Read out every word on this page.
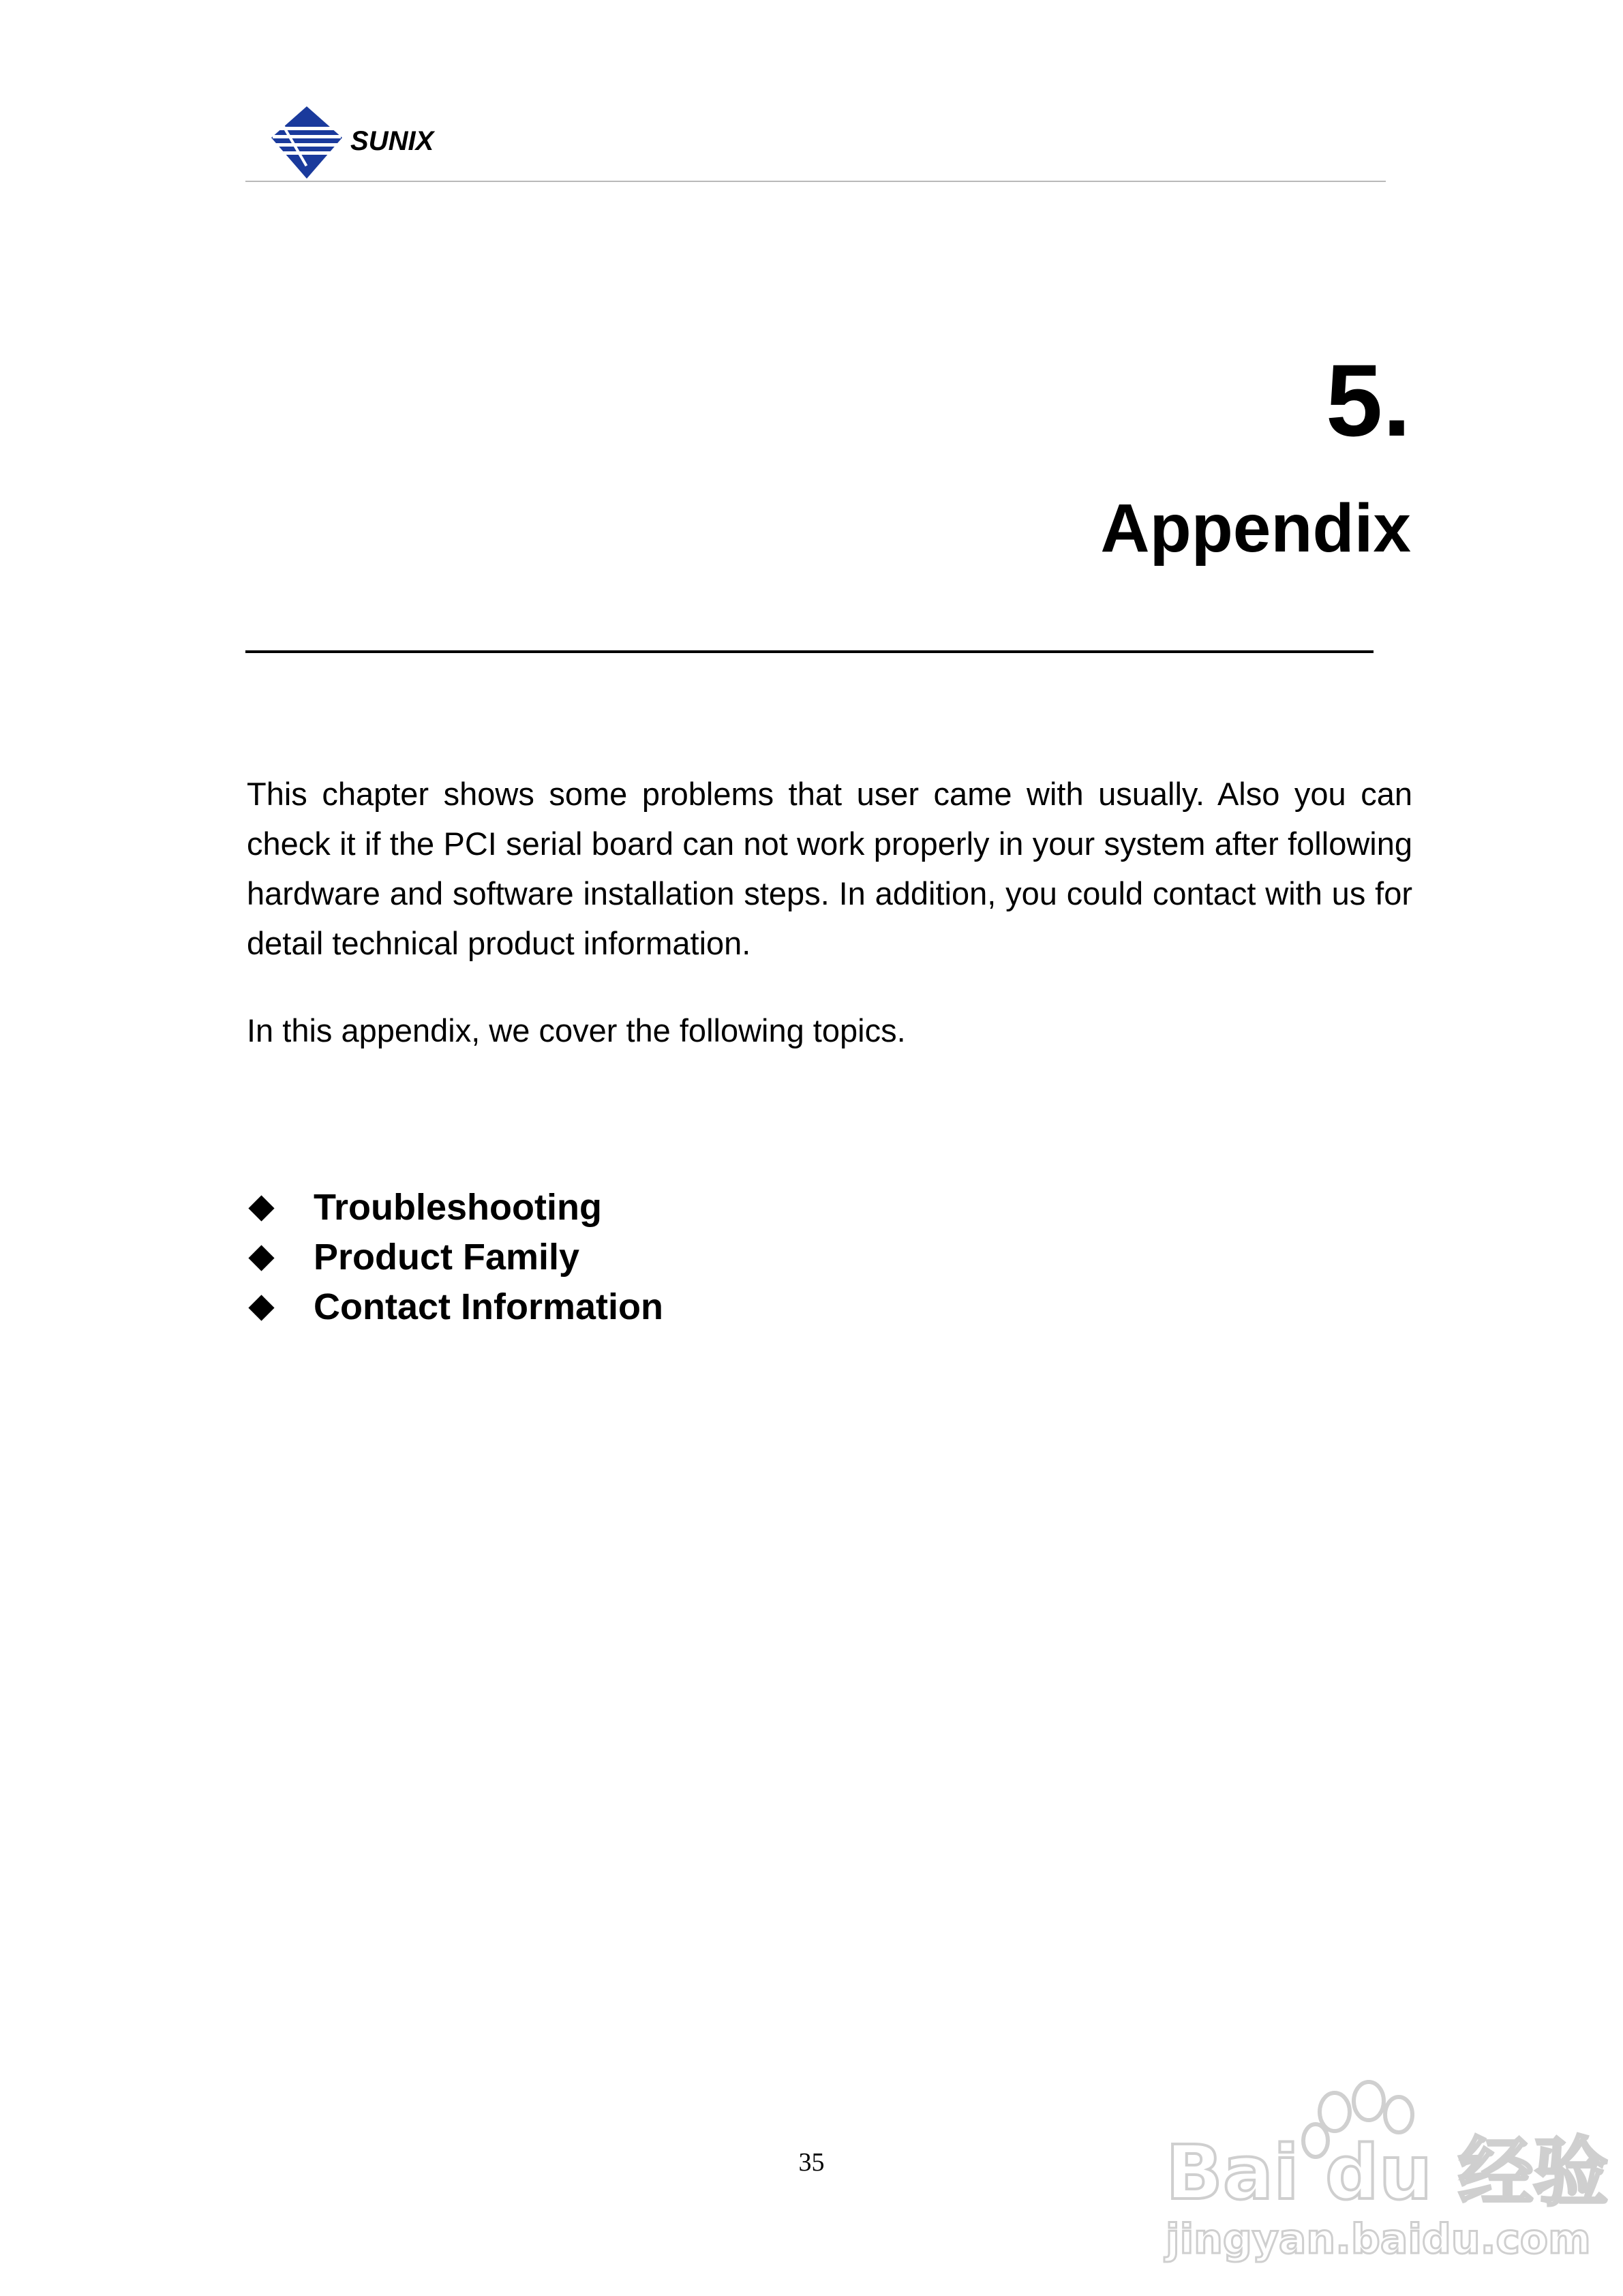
SUNIX
5.
Appendix

This chapter shows some problems that user came with usually. Also you can check it if the PCI serial board can not work properly in your system after following hardware and software installation steps. In addition, you could contact with us for detail technical product information.

In this appendix, we cover the following topics.

Troubleshooting
Product Family
Contact Information
35	Bai du 经验
jingyan.baidu.com
